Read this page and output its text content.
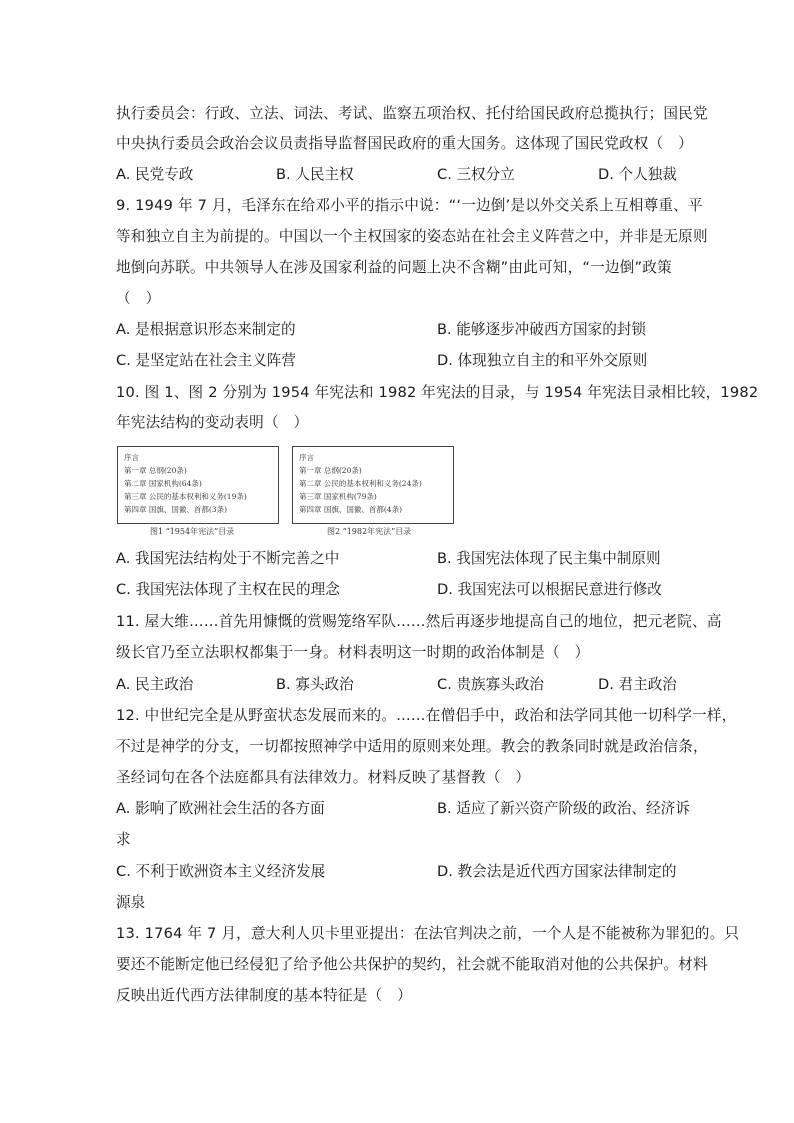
执行委员会：行政、立法、词法、考试、监察五项治权、托付给国民政府总揽执行；国民党
中央执行委员会政治会议员责指导监督国民政府的重大国务。这体现了国民党政权（　）
A. 民党专政	B. 人民主权	C. 三权分立	D. 个人独裁
9. 1949 年 7 月，毛泽东在给邓小平的指示中说：“‘一边倒’是以外交关系上互相尊重、平
等和独立自主为前提的。中国以一个主权国家的姿态站在社会主义阵营之中，并非是无原则
地倒向苏联。中共领导人在涉及国家利益的问题上决不含糊”由此可知，“一边倒”政策
（　）
A. 是根据意识形态来制定的	B. 能够逐步冲破西方国家的封锁
C. 是坚定站在社会主义阵营	D. 体现独立自主的和平外交原则
10. 图 1、图 2 分别为 1954 年宪法和 1982 年宪法的目录，与 1954 年宪法目录相比较，1982
年宪法结构的变动表明（　）
序言
第一章 总纲(20条)
第二章 国家机构(64条)
第三章 公民的基本权利和义务(19条)
第四章 国旗、国徽、首都(3条)
图1 “1954年宪法”目录
序言
第一章 总纲(20条)
第二章 公民的基本权利和义务(24条)
第三章 国家机构(79条)
第四章 国旗、国徽、首都(4条)
图2 “1982年宪法”目录
A. 我国宪法结构处于不断完善之中	B. 我国宪法体现了民主集中制原则
C. 我国宪法体现了主权在民的理念	D. 我国宪法可以根据民意进行修改
11. 屋大维……首先用慷慨的赏赐笼络军队……然后再逐步地提高自己的地位，把元老院、高
级长官乃至立法职权都集于一身。材料表明这一时期的政治体制是（　）
A. 民主政治	B. 寡头政治	C. 贵族寡头政治	D. 君主政治
12. 中世纪完全是从野蛮状态发展而来的。……在僧侣手中，政治和法学同其他一切科学一样，
不过是神学的分支，一切都按照神学中适用的原则来处理。教会的教条同时就是政治信条，
圣经词句在各个法庭都具有法律效力。材料反映了基督教（　）
A. 影响了欧洲社会生活的各方面	B. 适应了新兴资产阶级的政治、经济诉
求
C. 不利于欧洲资本主义经济发展	D. 教会法是近代西方国家法律制定的
源泉
13. 1764 年 7 月，意大利人贝卡里亚提出：在法官判决之前，一个人是不能被称为罪犯的。只
要还不能断定他已经侵犯了给予他公共保护的契约，社会就不能取消对他的公共保护。材料
反映出近代西方法律制度的基本特征是（　）
